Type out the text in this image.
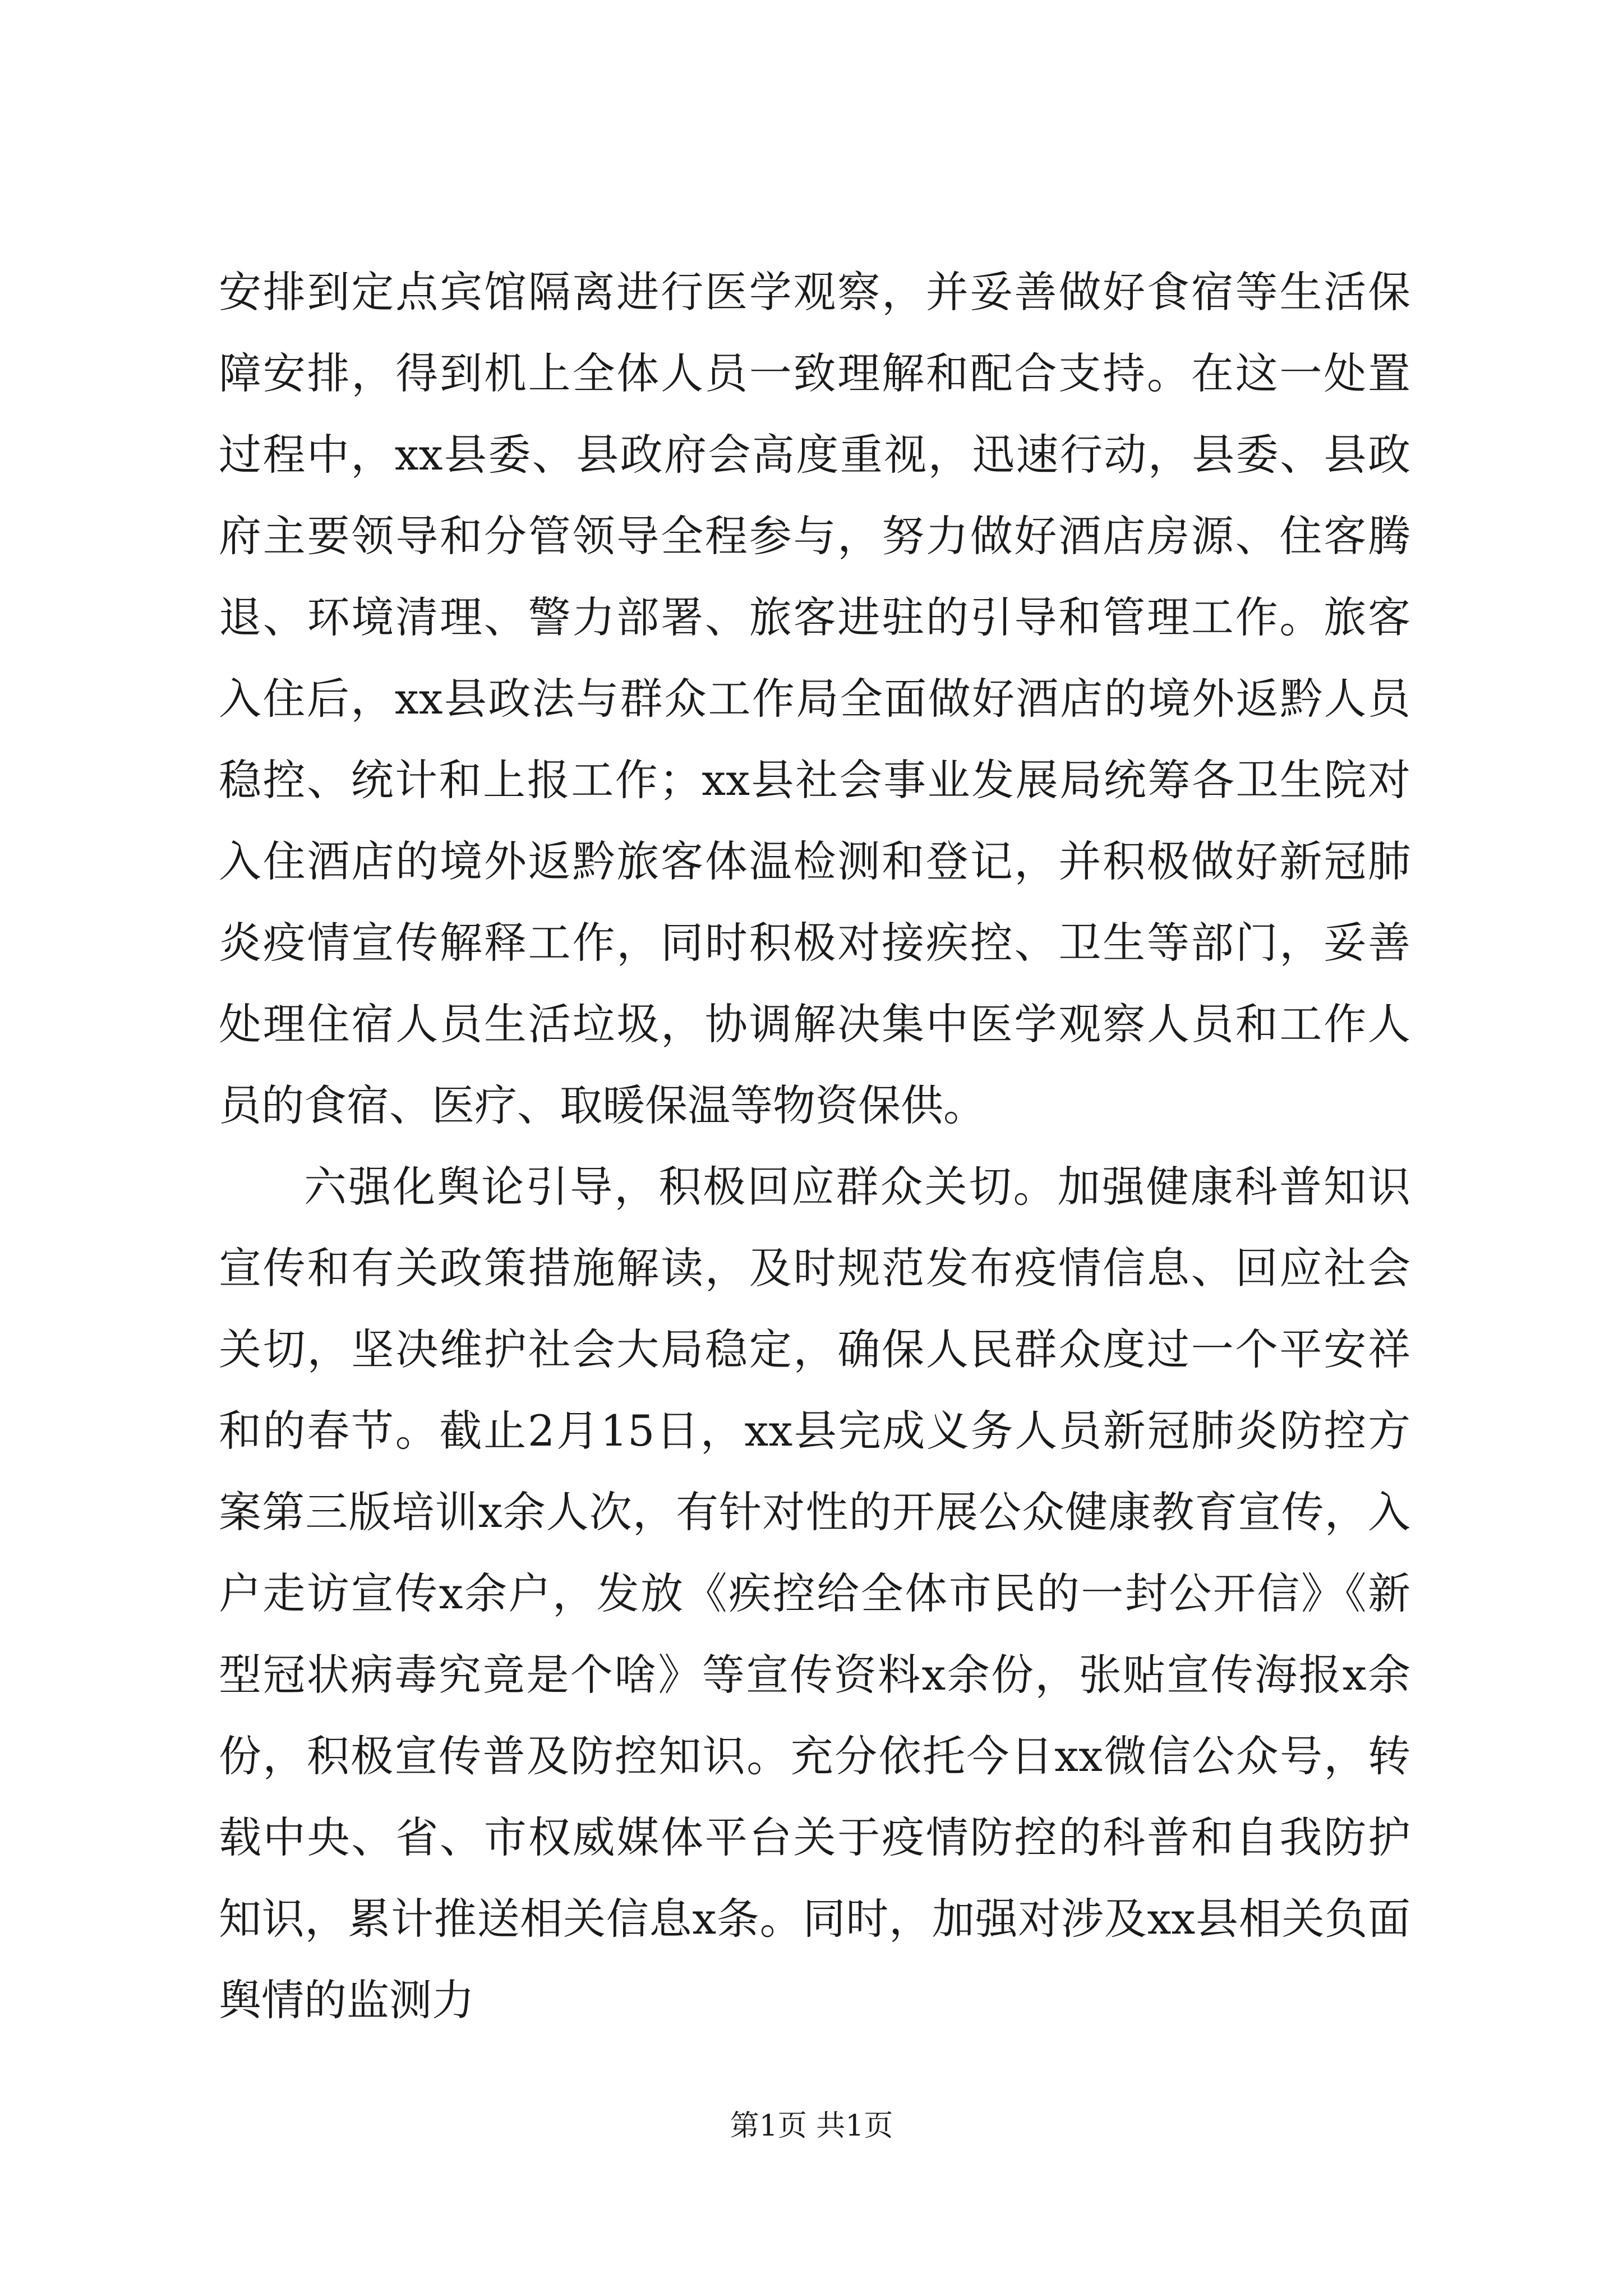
安排到定点宾馆隔离进行医学观察，并妥善做好食宿等生活保障安排，得到机上全体人员一致理解和配合支持。在这一处置过程中，xx县委、县政府会高度重视，迅速行动，县委、县政府主要领导和分管领导全程参与，努力做好酒店房源、住客腾退、环境清理、警力部署、旅客进驻的引导和管理工作。旅客入住后，xx县政法与群众工作局全面做好酒店的境外返黔人员稳控、统计和上报工作；xx县社会事业发展局统筹各卫生院对入住酒店的境外返黔旅客体温检测和登记，并积极做好新冠肺炎疫情宣传解释工作，同时积极对接疾控、卫生等部门，妥善处理住宿人员生活垃圾，协调解决集中医学观察人员和工作人员的食宿、医疗、取暖保温等物资保供。

六强化舆论引导，积极回应群众关切。加强健康科普知识宣传和有关政策措施解读，及时规范发布疫情信息、回应社会关切，坚决维护社会大局稳定，确保人民群众度过一个平安祥和的春节。截止2月15日，xx县完成义务人员新冠肺炎防控方案第三版培训x余人次，有针对性的开展公众健康教育宣传，入户走访宣传x余户，发放《疾控给全体市民的一封公开信》《新型冠状病毒究竟是个啥》等宣传资料x余份，张贴宣传海报x余份，积极宣传普及防控知识。充分依托今日xx微信公众号，转载中央、省、市权威媒体平台关于疫情防控的科普和自我防护知识，累计推送相关信息x条。同时，加强对涉及xx县相关负面舆情的监测力

第1页 共1页
